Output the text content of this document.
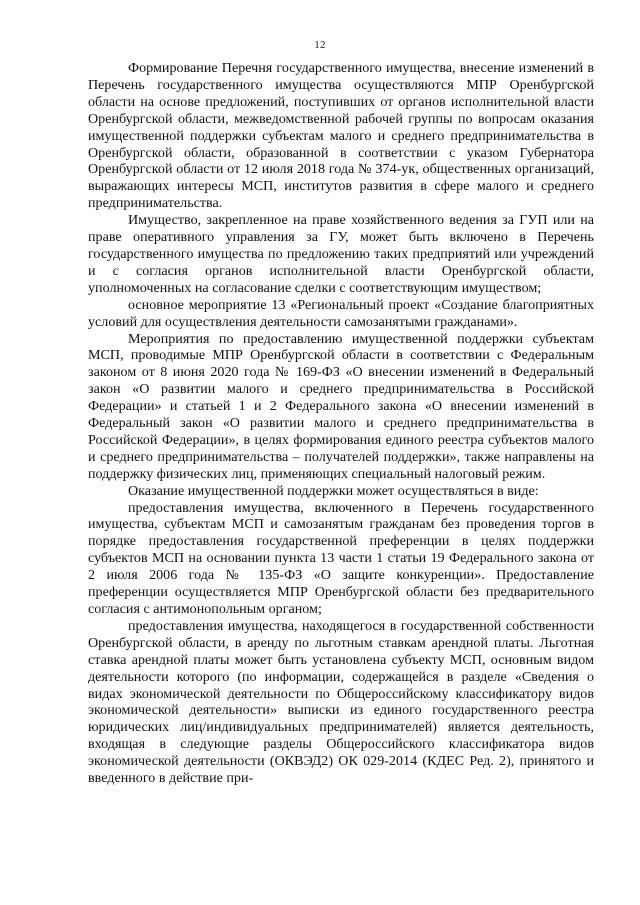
12

Формирование Перечня государственного имущества, внесение изменений в Перечень государственного имущества осуществляются МПР Оренбургской области на основе предложений, поступивших от органов исполнительной власти Оренбургской области, межведомственной рабочей группы по вопросам оказания имущественной поддержки субъектам малого и среднего предпринимательства в Оренбургской области, образованной в соответствии с указом Губернатора Оренбургской области от 12 июля 2018 года № 374-ук, общественных организаций, выражающих интересы МСП, институтов развития в сфере малого и среднего предпринимательства.

Имущество, закрепленное на праве хозяйственного ведения за ГУП или на праве оперативного управления за ГУ, может быть включено в Перечень государственного имущества по предложению таких предприятий или учреждений и с согласия органов исполнительной власти Оренбургской области, уполномоченных на согласование сделки с соответствующим имуществом;

основное мероприятие 13 «Региональный проект «Создание благоприятных условий для осуществления деятельности самозанятыми гражданами».

Мероприятия по предоставлению имущественной поддержки субъектам МСП, проводимые МПР Оренбургской области в соответствии с Федеральным законом от 8 июня 2020 года № 169-ФЗ «О внесении изменений в Федеральный закон «О развитии малого и среднего предпринимательства в Российской Федерации» и статьей 1 и 2 Федерального закона «О внесении изменений в Федеральный закон «О развитии малого и среднего предпринимательства в Российской Федерации», в целях формирования единого реестра субъектов малого и среднего предпринимательства – получателей поддержки», также направлены на поддержку физических лиц, применяющих специальный налоговый режим.

Оказание имущественной поддержки может осуществляться в виде:

предоставления имущества, включенного в Перечень государственного имущества, субъектам МСП и самозанятым гражданам без проведения торгов в порядке предоставления государственной преференции в целях поддержки субъектов МСП на основании пункта 13 части 1 статьи 19 Федерального закона от 2 июля 2006 года № 135-ФЗ «О защите конкуренции». Предоставление преференции осуществляется МПР Оренбургской области без предварительного согласия с антимонопольным органом;

предоставления имущества, находящегося в государственной собственности Оренбургской области, в аренду по льготным ставкам арендной платы. Льготная ставка арендной платы может быть установлена субъекту МСП, основным видом деятельности которого (по информации, содержащейся в разделе «Сведения о видах экономической деятельности по Общероссийскому классификатору видов экономической деятельности» выписки из единого государственного реестра юридических лиц/индивидуальных предпринимателей) является деятельность, входящая в следующие разделы Общероссийского классификатора видов экономической деятельности (ОКВЭД2) ОК 029-2014 (КДЕС Ред. 2), принятого и введенного в действие при-
